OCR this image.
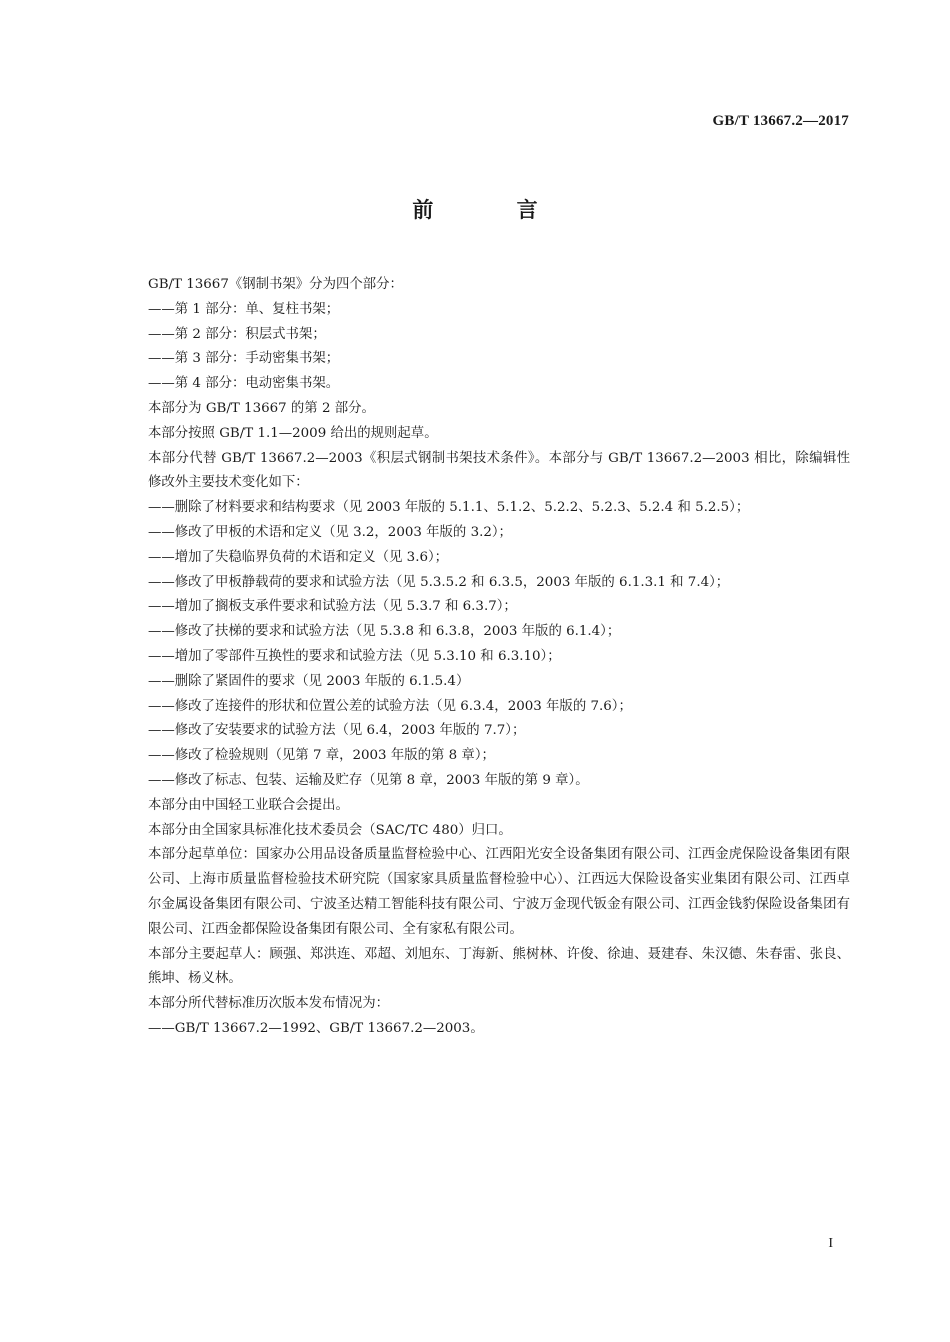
GB/T 13667.2—2017
前 言

GB/T 13667《钢制书架》分为四个部分：

——第 1 部分：单、复柱书架；

——第 2 部分：积层式书架；

——第 3 部分：手动密集书架；

——第 4 部分：电动密集书架。

本部分为 GB/T 13667 的第 2 部分。

本部分按照 GB/T 1.1—2009 给出的规则起草。

本部分代替 GB/T 13667.2—2003《积层式钢制书架技术条件》。本部分与 GB/T 13667.2—2003 相比，除编辑性修改外主要技术变化如下：

——删除了材料要求和结构要求（见 2003 年版的 5.1.1、5.1.2、5.2.2、5.2.3、5.2.4 和 5.2.5）；

——修改了甲板的术语和定义（见 3.2，2003 年版的 3.2）；

——增加了失稳临界负荷的术语和定义（见 3.6）；

——修改了甲板静载荷的要求和试验方法（见 5.3.5.2 和 6.3.5，2003 年版的 6.1.3.1 和 7.4）；

——增加了搁板支承件要求和试验方法（见 5.3.7 和 6.3.7）；

——修改了扶梯的要求和试验方法（见 5.3.8 和 6.3.8，2003 年版的 6.1.4）；

——增加了零部件互换性的要求和试验方法（见 5.3.10 和 6.3.10）；

——删除了紧固件的要求（见 2003 年版的 6.1.5.4）

——修改了连接件的形状和位置公差的试验方法（见 6.3.4，2003 年版的 7.6）；

——修改了安装要求的试验方法（见 6.4，2003 年版的 7.7）；

——修改了检验规则（见第 7 章，2003 年版的第 8 章）；

——修改了标志、包装、运输及贮存（见第 8 章，2003 年版的第 9 章）。

本部分由中国轻工业联合会提出。

本部分由全国家具标准化技术委员会（SAC/TC 480）归口。

本部分起草单位：国家办公用品设备质量监督检验中心、江西阳光安全设备集团有限公司、江西金虎保险设备集团有限公司、上海市质量监督检验技术研究院（国家家具质量监督检验中心）、江西远大保险设备实业集团有限公司、江西卓尔金属设备集团有限公司、宁波圣达精工智能科技有限公司、宁波万金现代钣金有限公司、江西金钱豹保险设备集团有限公司、江西金都保险设备集团有限公司、全有家私有限公司。

本部分主要起草人：顾强、郑洪连、邓超、刘旭东、丁海新、熊树林、许俊、徐迪、聂建春、朱汉德、朱春雷、张良、熊坤、杨义林。

本部分所代替标准历次版本发布情况为：

——GB/T 13667.2—1992、GB/T 13667.2—2003。

I
